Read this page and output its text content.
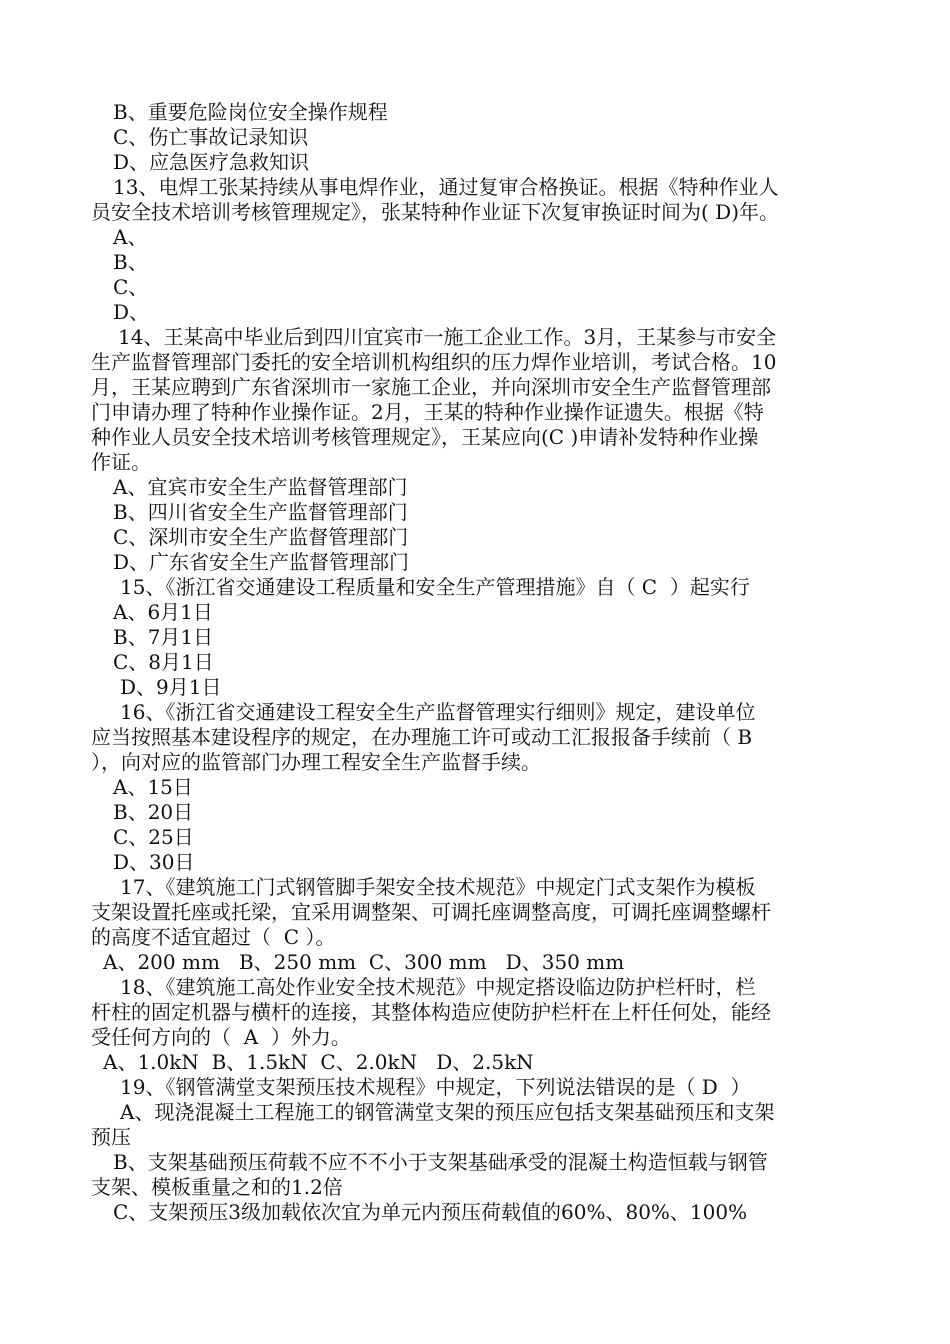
B、重要危险岗位安全操作规程
C、伤亡事故记录知识
D、应急医疗急救知识
13、电焊工张某持续从事电焊作业，通过复审合格换证。根据《特种作业人
员安全技术培训考核管理规定》，张某特种作业证下次复审换证时间为( D)年。
A、
B、
C、
D、
14、王某高中毕业后到四川宜宾市一施工企业工作。3月，王某参与市安全
生产监督管理部门委托的安全培训机构组织的压力焊作业培训，考试合格。10
月，王某应聘到广东省深圳市一家施工企业，并向深圳市安全生产监督管理部
门申请办理了特种作业操作证。2月，王某的特种作业操作证遗失。根据《特
种作业人员安全技术培训考核管理规定》，王某应向(C )申请补发特种作业操
作证。
A、宜宾市安全生产监督管理部门
B、四川省安全生产监督管理部门
C、深圳市安全生产监督管理部门
D、广东省安全生产监督管理部门
15、《浙江省交通建设工程质量和安全生产管理措施》自（ C  ）起实行
A、6月1日
B、7月1日
C、8月1日
D、9月1日
16、《浙江省交通建设工程安全生产监督管理实行细则》规定，建设单位
应当按照基本建设程序的规定，在办理施工许可或动工汇报报备手续前（ B
），向对应的监管部门办理工程安全生产监督手续。
A、15日
B、20日
C、25日
D、30日
17、《建筑施工门式钢管脚手架安全技术规范》中规定门式支架作为模板
支架设置托座或托梁，宜采用调整架、可调托座调整高度，可调托座调整螺杆
的高度不适宜超过（  C ）。
A、200 mm   B、250 mm  C、300 mm   D、350 mm
18、《建筑施工高处作业安全技术规范》中规定搭设临边防护栏杆时，栏
杆柱的固定机器与横杆的连接，其整体构造应使防护栏杆在上杆任何处，能经
受任何方向的（  A  ）外力。
A、1.0kN  B、1.5kN  C、2.0kN   D、2.5kN
19、《钢管满堂支架预压技术规程》中规定，下列说法错误的是（ D  ）
A、现浇混凝土工程施工的钢管满堂支架的预压应包括支架基础预压和支架
预压
B、支架基础预压荷载不应不不小于支架基础承受的混凝土构造恒载与钢管
支架、模板重量之和的1.2倍
C、支架预压3级加载依次宜为单元内预压荷载值的60%、80%、100%
